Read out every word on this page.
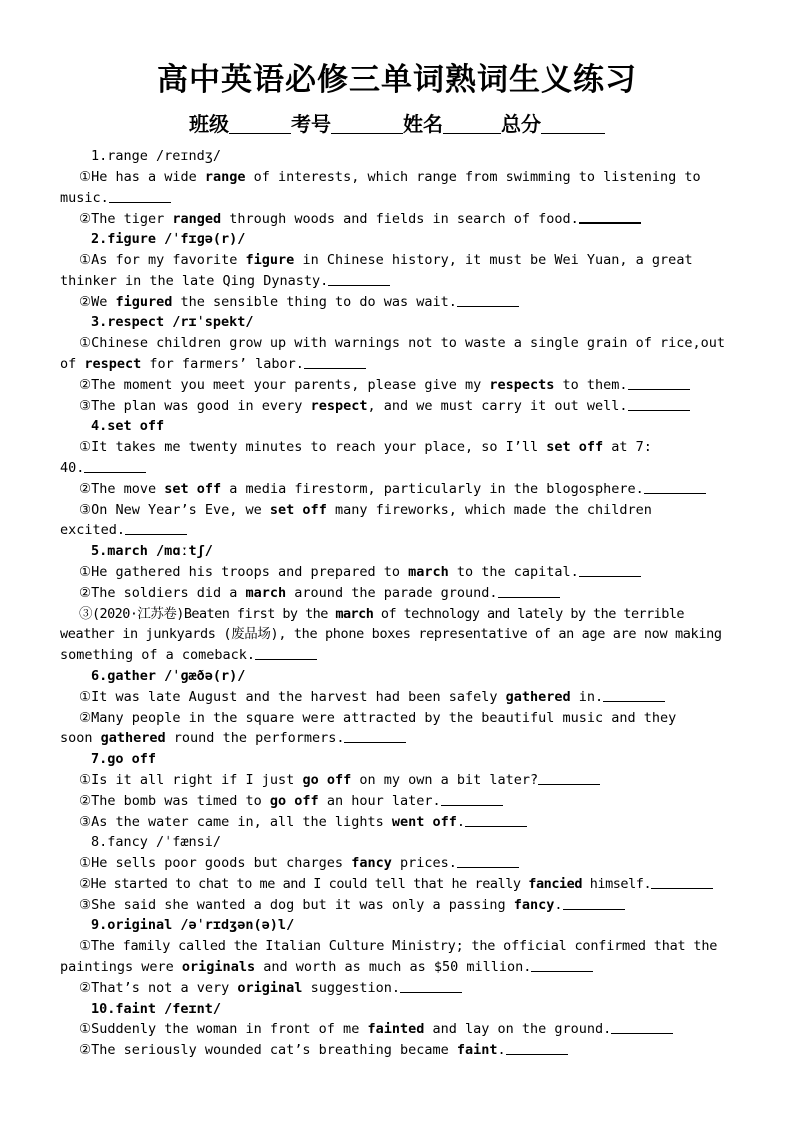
高中英语必修三单词熟词生义练习
班级	考号	姓名	总分
1.range /reɪndʒ/
①He has a wide range of interests, which range from swimming to listening to
music.
②The tiger ranged through woods and fields in search of food.
2.figure /ˈfɪɡə(r)/
①As for my favorite figure in Chinese history, it must be Wei Yuan, a great
thinker in the late Qing Dynasty.
②We figured the sensible thing to do was wait.
3.respect /rɪˈspekt/
①Chinese children grow up with warnings not to waste a single grain of rice,out
of respect for farmers’ labor.
②The moment you meet your parents, please give my respects to them.
③The plan was good in every respect, and we must carry it out well.
4.set off
①It takes me twenty minutes to reach your place, so I’ll set off at 7:
40.
②The move set off a media firestorm, particularly in the blogosphere.
③On New Year’s Eve, we set off many fireworks, which made the children
excited.
5.march /mɑːtʃ/
①He gathered his troops and prepared to march to the capital.
②The soldiers did a march around the parade ground.
③(2020·江苏卷)Beaten first by the march of technology and lately by the terrible
weather in junkyards (废品场), the phone boxes representative of an age are now making
something of a comeback.
6.gather /ˈɡæðə(r)/
①It was late August and the harvest had been safely gathered in.
②Many people in the square were attracted by the beautiful music and they
soon gathered round the performers.
7.go off
①Is it all right if I just go off on my own a bit later?
②The bomb was timed to go off an hour later.
③As the water came in, all the lights went off.
8.fancy /ˈfænsi/
①He sells poor goods but charges fancy prices.
②He started to chat to me and I could tell that he really fancied himself.
③She said she wanted a dog but it was only a passing fancy.
9.original /əˈrɪdʒən(ə)l/
①The family called the Italian Culture Ministry; the official confirmed that the
paintings were originals and worth as much as $50 million.
②That’s not a very original suggestion.
10.faint /feɪnt/
①Suddenly the woman in front of me fainted and lay on the ground.
②The seriously wounded cat’s breathing became faint.
